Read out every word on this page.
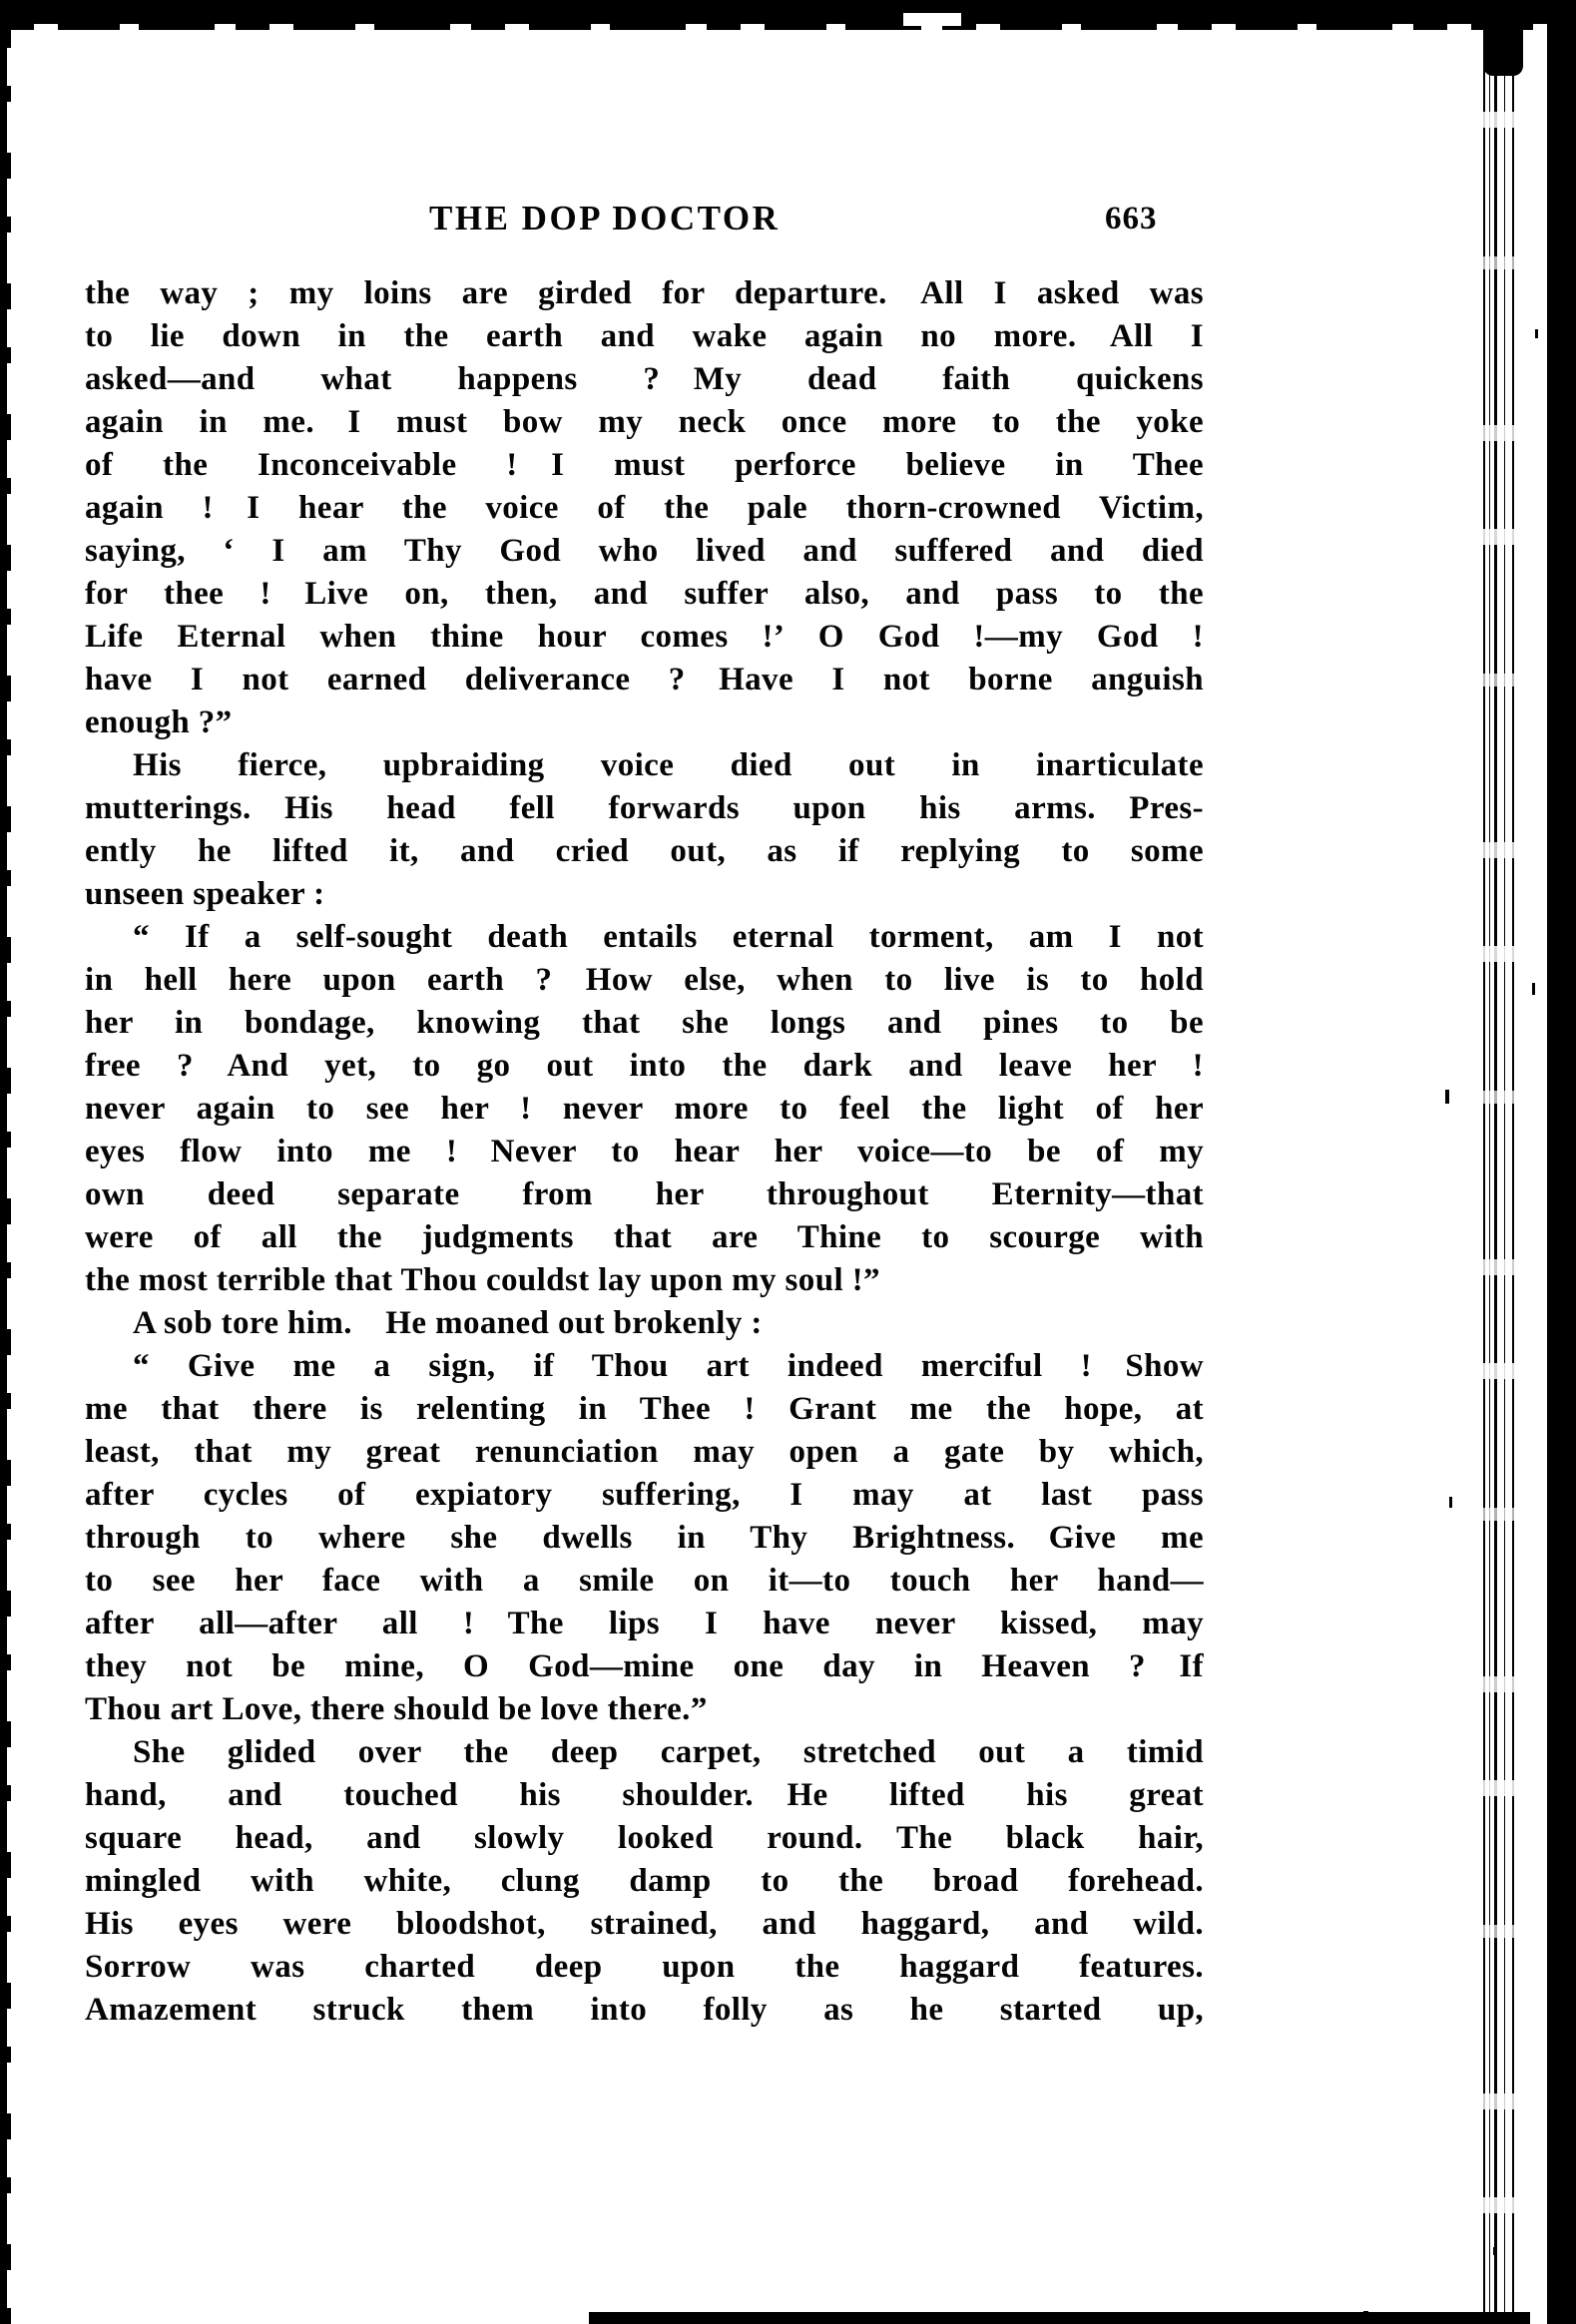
THE DOP DOCTOR	663
the way ; my loins are girded for departure. All I asked was
to lie down in the earth and wake again no more. All I
asked—and what happens ? My dead faith quickens
again in me. I must bow my neck once more to the yoke
of the Inconceivable ! I must perforce believe in Thee
again ! I hear the voice of the pale thorn-crowned Victim,
saying, ‘ I am Thy God who lived and suffered and died
for thee ! Live on, then, and suffer also, and pass to the
Life Eternal when thine hour comes !’ O God !—my God !
have I not earned deliverance ? Have I not borne anguish
enough ?”
His fierce, upbraiding voice died out in inarticulate
mutterings. His head fell forwards upon his arms. Pres-
ently he lifted it, and cried out, as if replying to some
unseen speaker :
“ If a self-sought death entails eternal torment, am I not
in hell here upon earth ? How else, when to live is to hold
her in bondage, knowing that she longs and pines to be
free ? And yet, to go out into the dark and leave her !
never again to see her ! never more to feel the light of her
eyes flow into me ! Never to hear her voice—to be of my
own deed separate from her throughout Eternity—that
were of all the judgments that are Thine to scourge with
the most terrible that Thou couldst lay upon my soul !”
A sob tore him. He moaned out brokenly :
“ Give me a sign, if Thou art indeed merciful ! Show
me that there is relenting in Thee ! Grant me the hope, at
least, that my great renunciation may open a gate by which,
after cycles of expiatory suffering, I may at last pass
through to where she dwells in Thy Brightness. Give me
to see her face with a smile on it—to touch her hand—
after all—after all ! The lips I have never kissed, may
they not be mine, O God—mine one day in Heaven ? If
Thou art Love, there should be love there.”
She glided over the deep carpet, stretched out a timid
hand, and touched his shoulder. He lifted his great
square head, and slowly looked round. The black hair,
mingled with white, clung damp to the broad forehead.
His eyes were bloodshot, strained, and haggard, and wild.
Sorrow was charted deep upon the haggard features.
Amazement struck them into folly as he started up,
